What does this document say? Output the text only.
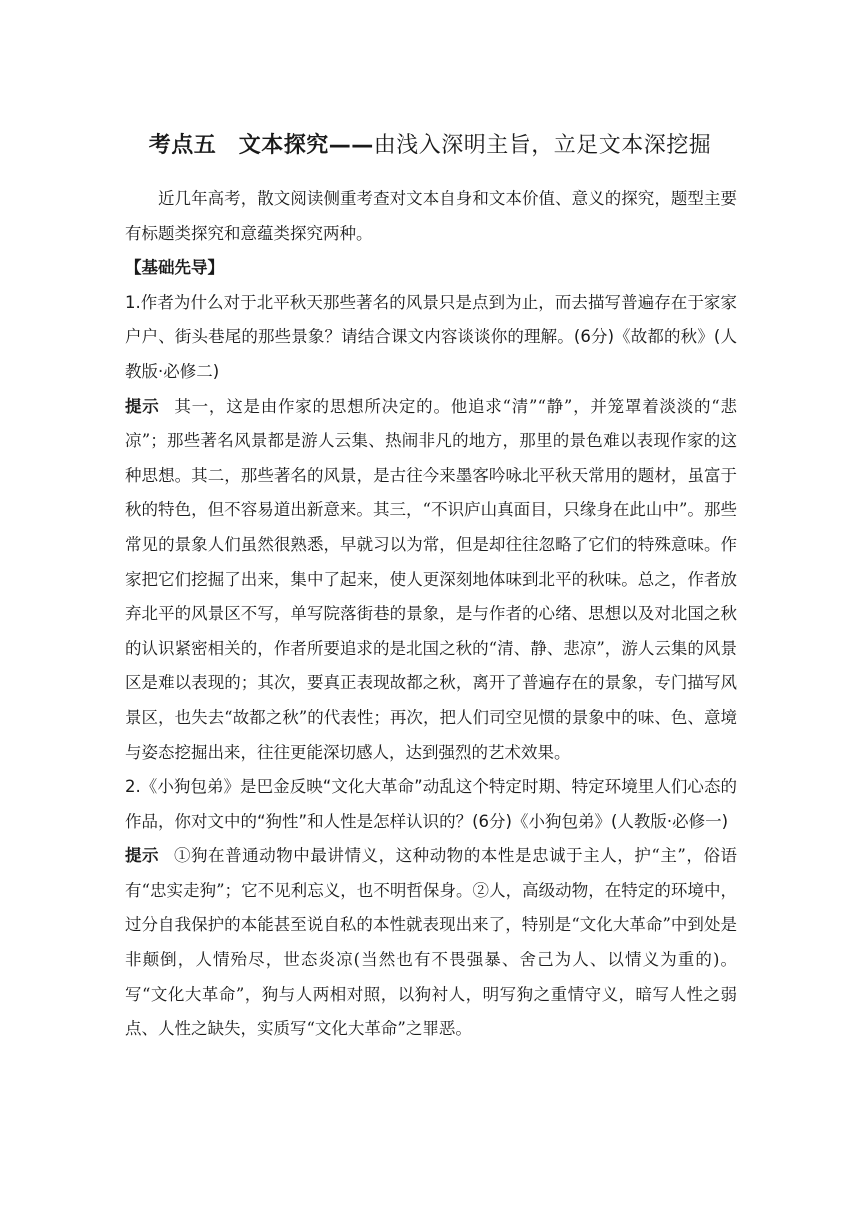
考点五　文本探究——由浅入深明主旨，立足文本深挖掘

近几年高考，散文阅读侧重考查对文本自身和文本价值、意义的探究，题型主要有标题类探究和意蕴类探究两种。

【基础先导】

1.作者为什么对于北平秋天那些著名的风景只是点到为止，而去描写普遍存在于家家户户、街头巷尾的那些景象？请结合课文内容谈谈你的理解。(6分)《故都的秋》(人教版·必修二)

提示 其一，这是由作家的思想所决定的。他追求“清”“静”，并笼罩着淡淡的“悲凉”；那些著名风景都是游人云集、热闹非凡的地方，那里的景色难以表现作家的这种思想。其二，那些著名的风景，是古往今来墨客吟咏北平秋天常用的题材，虽富于秋的特色，但不容易道出新意来。其三，“不识庐山真面目，只缘身在此山中”。那些常见的景象人们虽然很熟悉，早就习以为常，但是却往往忽略了它们的特殊意味。作家把它们挖掘了出来，集中了起来，使人更深刻地体味到北平的秋味。总之，作者放弃北平的风景区不写，单写院落街巷的景象，是与作者的心绪、思想以及对北国之秋的认识紧密相关的，作者所要追求的是北国之秋的“清、静、悲凉”，游人云集的风景区是难以表现的；其次，要真正表现故都之秋，离开了普遍存在的景象，专门描写风景区，也失去“故都之秋”的代表性；再次，把人们司空见惯的景象中的味、色、意境与姿态挖掘出来，往往更能深切感人，达到强烈的艺术效果。

2.《小狗包弟》是巴金反映“文化大革命”动乱这个特定时期、特定环境里人们心态的作品，你对文中的“狗性”和人性是怎样认识的？(6分)《小狗包弟》(人教版·必修一)

提示 ①狗在普通动物中最讲情义，这种动物的本性是忠诚于主人，护“主”，俗语有“忠实走狗”；它不见利忘义，也不明哲保身。②人，高级动物，在特定的环境中，过分自我保护的本能甚至说自私的本性就表现出来了，特别是“文化大革命”中到处是非颠倒，人情殆尽，世态炎凉(当然也有不畏强暴、舍己为人、以情义为重的)。写“文化大革命”，狗与人两相对照，以狗衬人，明写狗之重情守义，暗写人性之弱点、人性之缺失，实质写“文化大革命”之罪恶。
